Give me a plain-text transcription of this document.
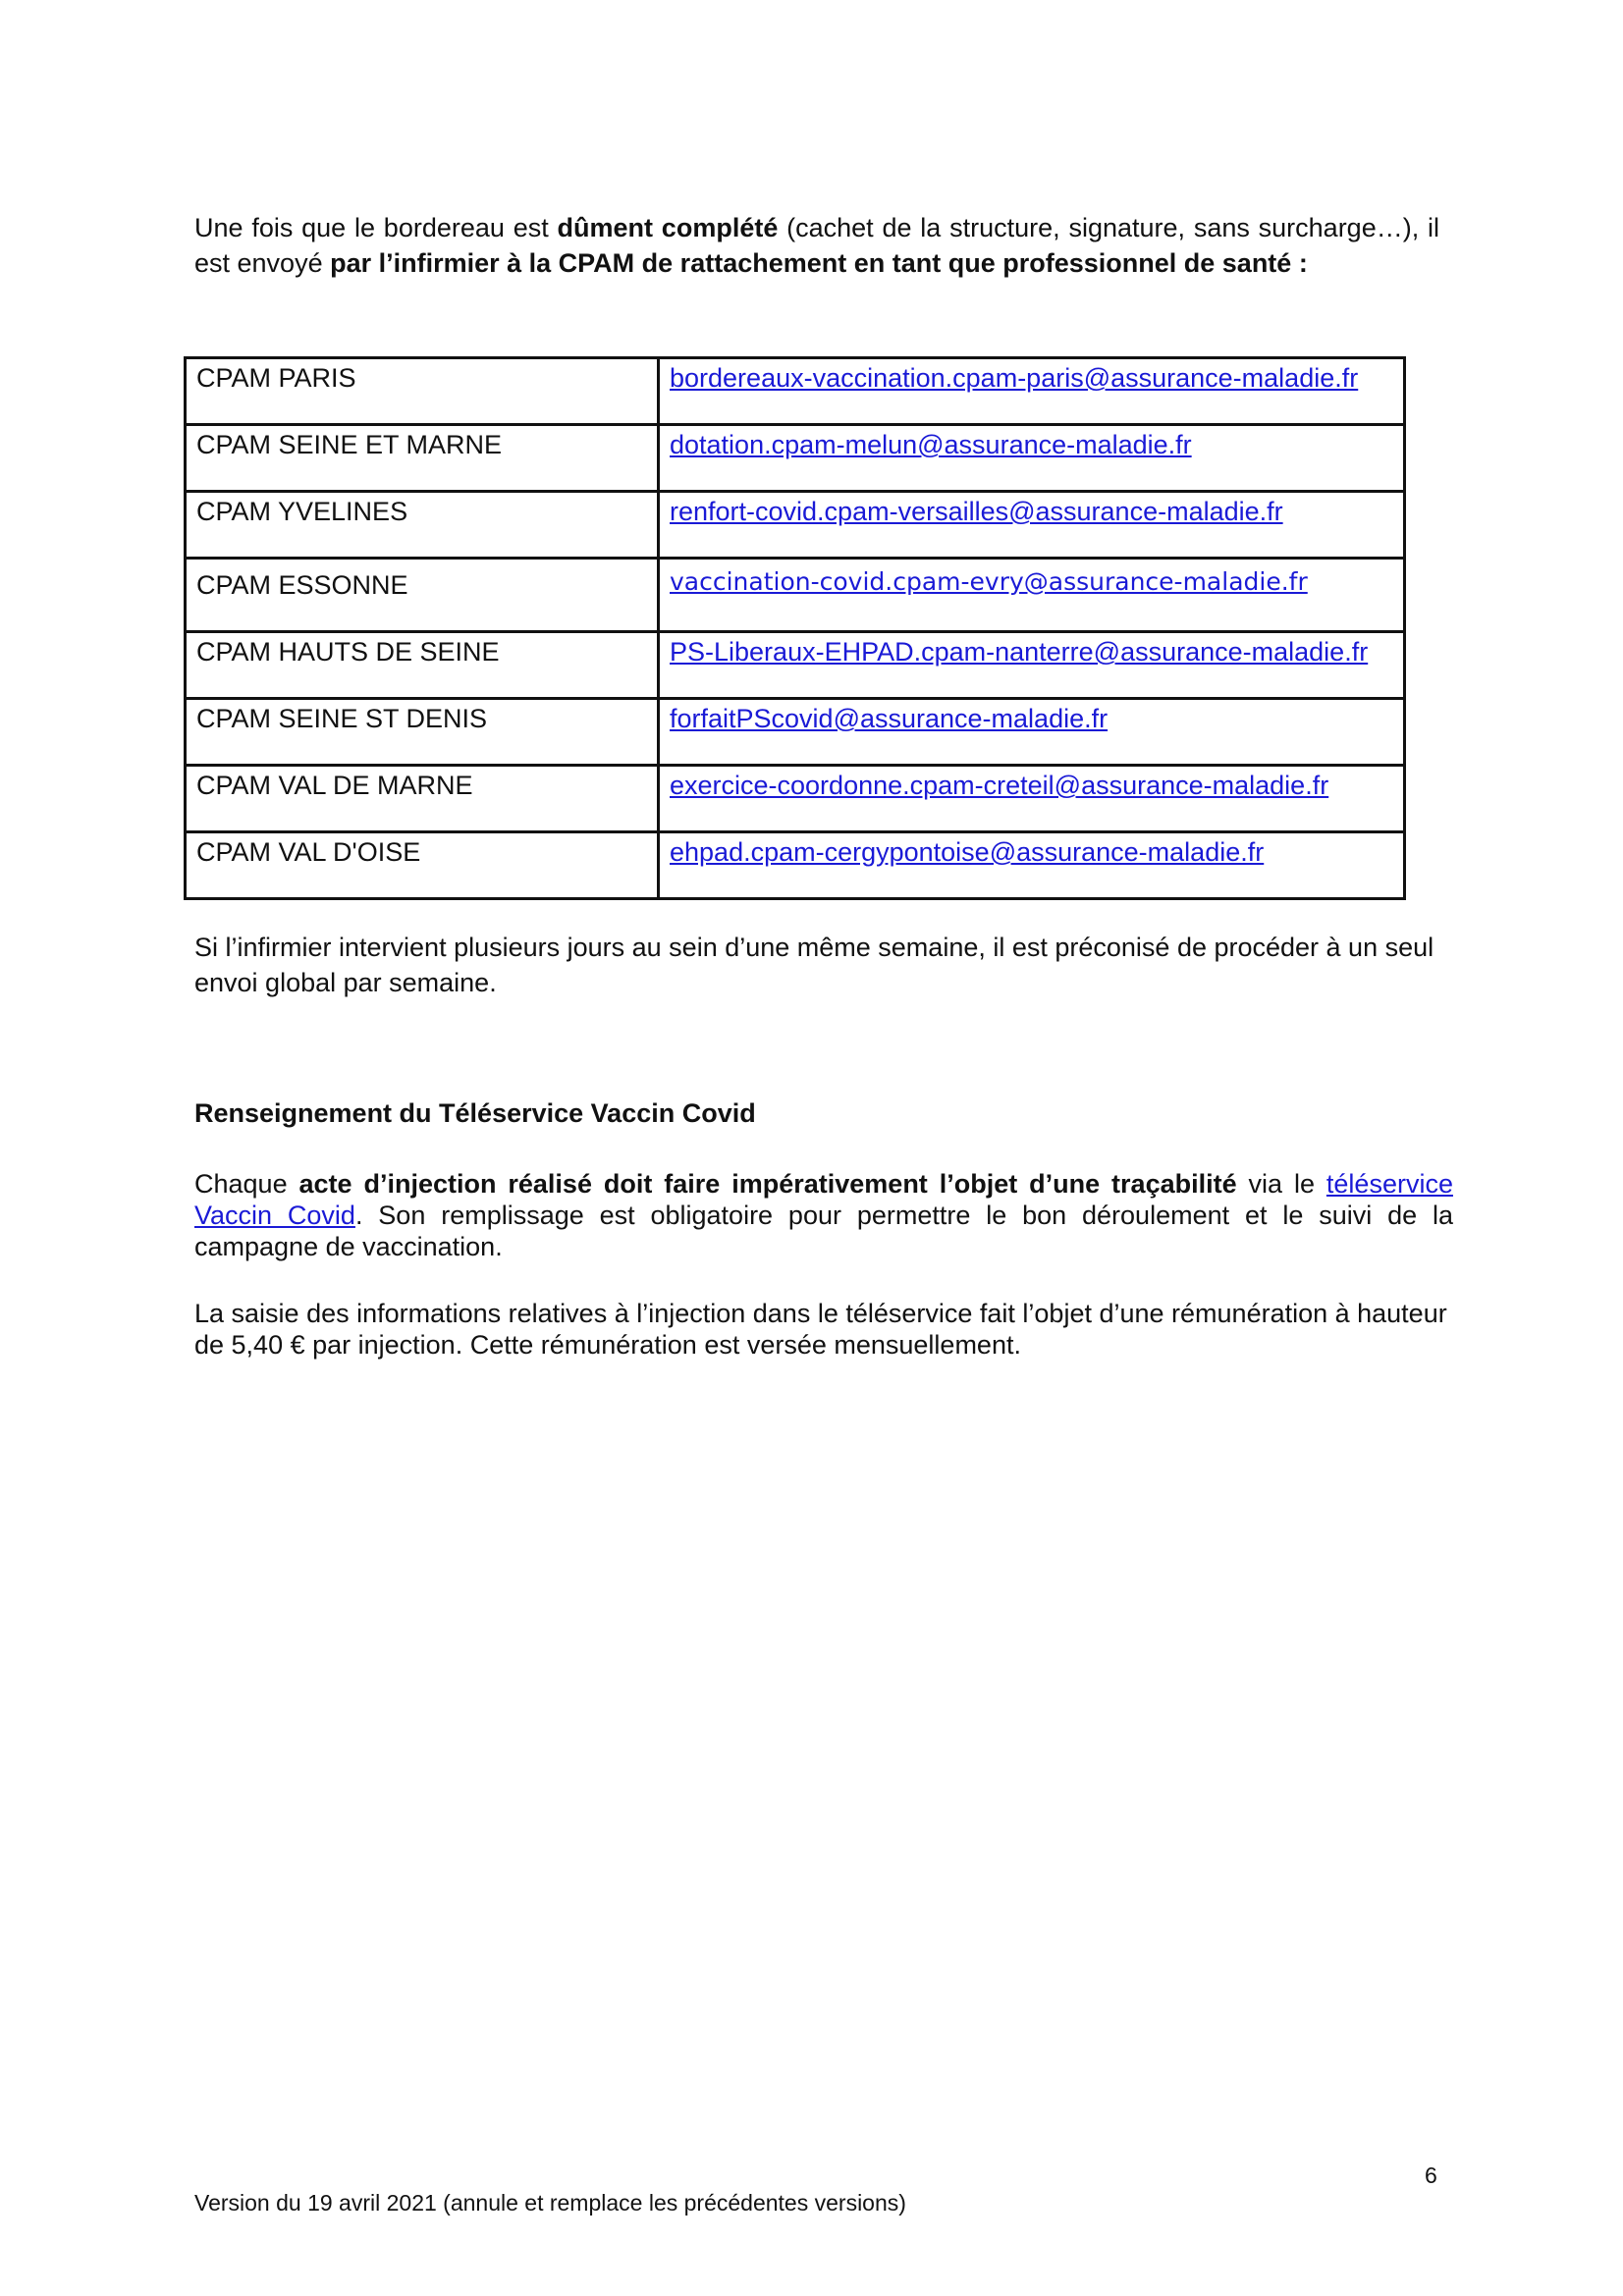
Une fois que le bordereau est dûment complété (cachet de la structure, signature, sans surcharge…), il est envoyé par l’infirmier à la CPAM de rattachement en tant que professionnel de santé :

CPAM PARIS	bordereaux-vaccination.cpam-paris@assurance-maladie.fr
CPAM SEINE ET MARNE	dotation.cpam-melun@assurance-maladie.fr
CPAM YVELINES	renfort-covid.cpam-versailles@assurance-maladie.fr
CPAM ESSONNE	vaccination-covid.cpam-evry@assurance-maladie.fr
CPAM HAUTS DE SEINE	PS-Liberaux-EHPAD.cpam-nanterre@assurance-maladie.fr
CPAM SEINE ST DENIS	forfaitPScovid@assurance-maladie.fr
CPAM VAL DE MARNE	exercice-coordonne.cpam-creteil@assurance-maladie.fr
CPAM VAL D'OISE	ehpad.cpam-cergypontoise@assurance-maladie.fr

Si l’infirmier intervient plusieurs jours au sein d’une même semaine, il est préconisé de procéder à un seul envoi global par semaine.

Renseignement du Téléservice Vaccin Covid

Chaque acte d’injection réalisé doit faire impérativement l’objet d’une traçabilité via le téléservice Vaccin Covid. Son remplissage est obligatoire pour permettre le bon déroulement et le suivi de la campagne de vaccination.

La saisie des informations relatives à l’injection dans le téléservice fait l’objet d’une rémunération à hauteur de 5,40 € par injection. Cette rémunération est versée mensuellement.

6
Version du 19 avril 2021 (annule et remplace les précédentes versions)
